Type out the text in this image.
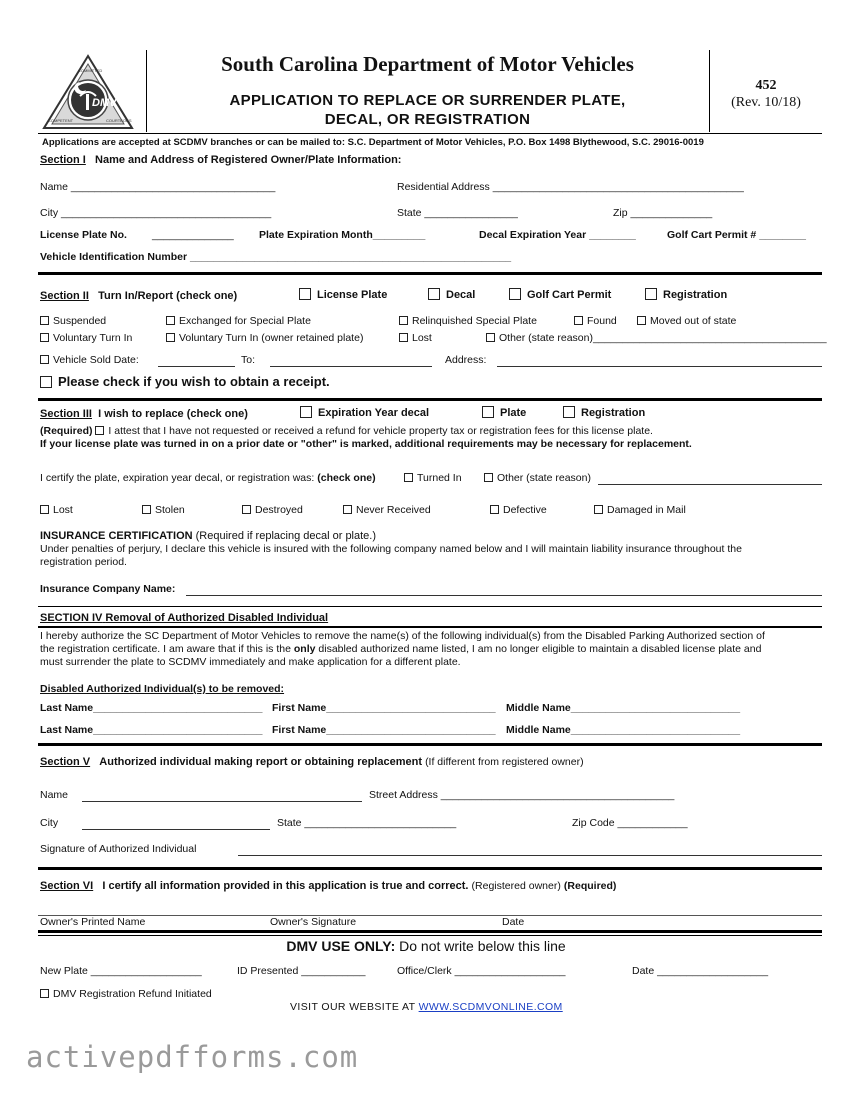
DMV
COMMITTED
COMPETENT	COURTEOUS
South Carolina Department of Motor Vehicles
APPLICATION TO REPLACE OR SURRENDER PLATE,
DECAL, OR REGISTRATION
452
(Rev. 10/18)
Applications are accepted at SCDMV branches or can be mailed to: S.C. Department of Motor Vehicles, P.O. Box 1498 Blythewood, S.C. 29016-0019
Section I Name and Address of Registered Owner/Plate Information:
Name ___________________________________	Residential Address ___________________________________________
City ____________________________________	State ________________	Zip ______________
License Plate No. ______________ Plate Expiration Month_________	Decal Expiration Year ________	Golf Cart Permit # ________
Vehicle Identification Number _______________________________________________________
Section II Turn In/Report (check one)	License Plate	Decal	Golf Cart Permit	Registration
Suspended	Exchanged for Special Plate	Relinquished Special Plate	Found	Moved out of state
Voluntary Turn In	Voluntary Turn In (owner retained plate)	Lost	Other (state reason)________________________________________
Vehicle Sold Date:	To:	Address:
Please check if you wish to obtain a receipt.
Section III I wish to replace (check one)	Expiration Year decal	Plate	Registration
(Required) I attest that I have not requested or received a refund for vehicle property tax or registration fees for this license plate.
If your license plate was turned in on a prior date or "other" is marked, additional requirements may be necessary for replacement.
I certify the plate, expiration year decal, or registration was: (check one)	Turned In	Other (state reason)
Lost	Stolen	Destroyed	Never Received	Defective	Damaged in Mail
INSURANCE CERTIFICATION (Required if replacing decal or plate.)
Under penalties of perjury, I declare this vehicle is insured with the following company named below and I will maintain liability insurance throughout the
registration period.
Insurance Company Name:
SECTION IV Removal of Authorized Disabled Individual
I hereby authorize the SC Department of Motor Vehicles to remove the name(s) of the following individual(s) from the Disabled Parking Authorized section of
the registration certificate. I am aware that if this is the only disabled authorized name listed, I am no longer eligible to maintain a disabled license plate and
must surrender the plate to SCDMV immediately and make application for a different plate.
Disabled Authorized Individual(s) to be removed:
Last Name_____________________________ First Name_____________________________ Middle Name_____________________________
Last Name_____________________________ First Name_____________________________ Middle Name_____________________________
Section V Authorized individual making report or obtaining replacement (If different from registered owner)
Name	Street Address ________________________________________
City	State __________________________	Zip Code ____________
Signature of Authorized Individual
Section VI I certify all information provided in this application is true and correct. (Registered owner) (Required)
Owner's Printed Name	Owner's Signature	Date
DMV USE ONLY: Do not write below this line
New Plate ___________________	ID Presented ___________	Office/Clerk ___________________	Date ___________________
DMV Registration Refund Initiated
VISIT OUR WEBSITE AT WWW.SCDMVONLINE.COM
activepdfforms.com
